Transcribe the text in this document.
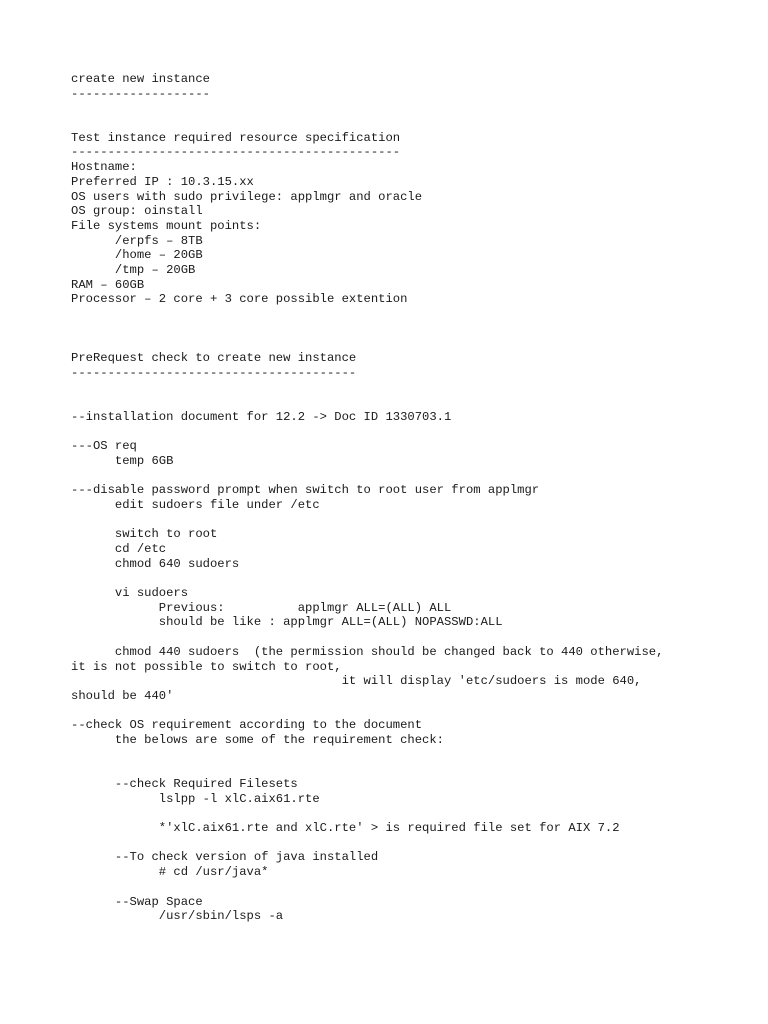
create new instance
-------------------
Test instance required resource specification
---------------------------------------------
Hostname:
Preferred IP : 10.3.15.xx
OS users with sudo privilege: applmgr and oracle
OS group: oinstall
File systems mount points:
/erpfs – 8TB
/home – 20GB
/tmp – 20GB
RAM – 60GB
Processor – 2 core + 3 core possible extention
PreRequest check to create new instance
---------------------------------------
--installation document for 12.2 -> Doc ID 1330703.1
---OS req
temp 6GB
---disable password prompt when switch to root user from applmgr
edit sudoers file under /etc
switch to root
cd /etc
chmod 640 sudoers
vi sudoers
Previous:          applmgr ALL=(ALL) ALL
should be like : applmgr ALL=(ALL) NOPASSWD:ALL
chmod 440 sudoers  (the permission should be changed back to 440 otherwise,
it is not possible to switch to root,
it will display 'etc/sudoers is mode 640,
should be 440'
--check OS requirement according to the document
the belows are some of the requirement check:
--check Required Filesets
lslpp -l xlC.aix61.rte
*'xlC.aix61.rte and xlC.rte' > is required file set for AIX 7.2
--To check version of java installed
# cd /usr/java*
--Swap Space
/usr/sbin/lsps -a
